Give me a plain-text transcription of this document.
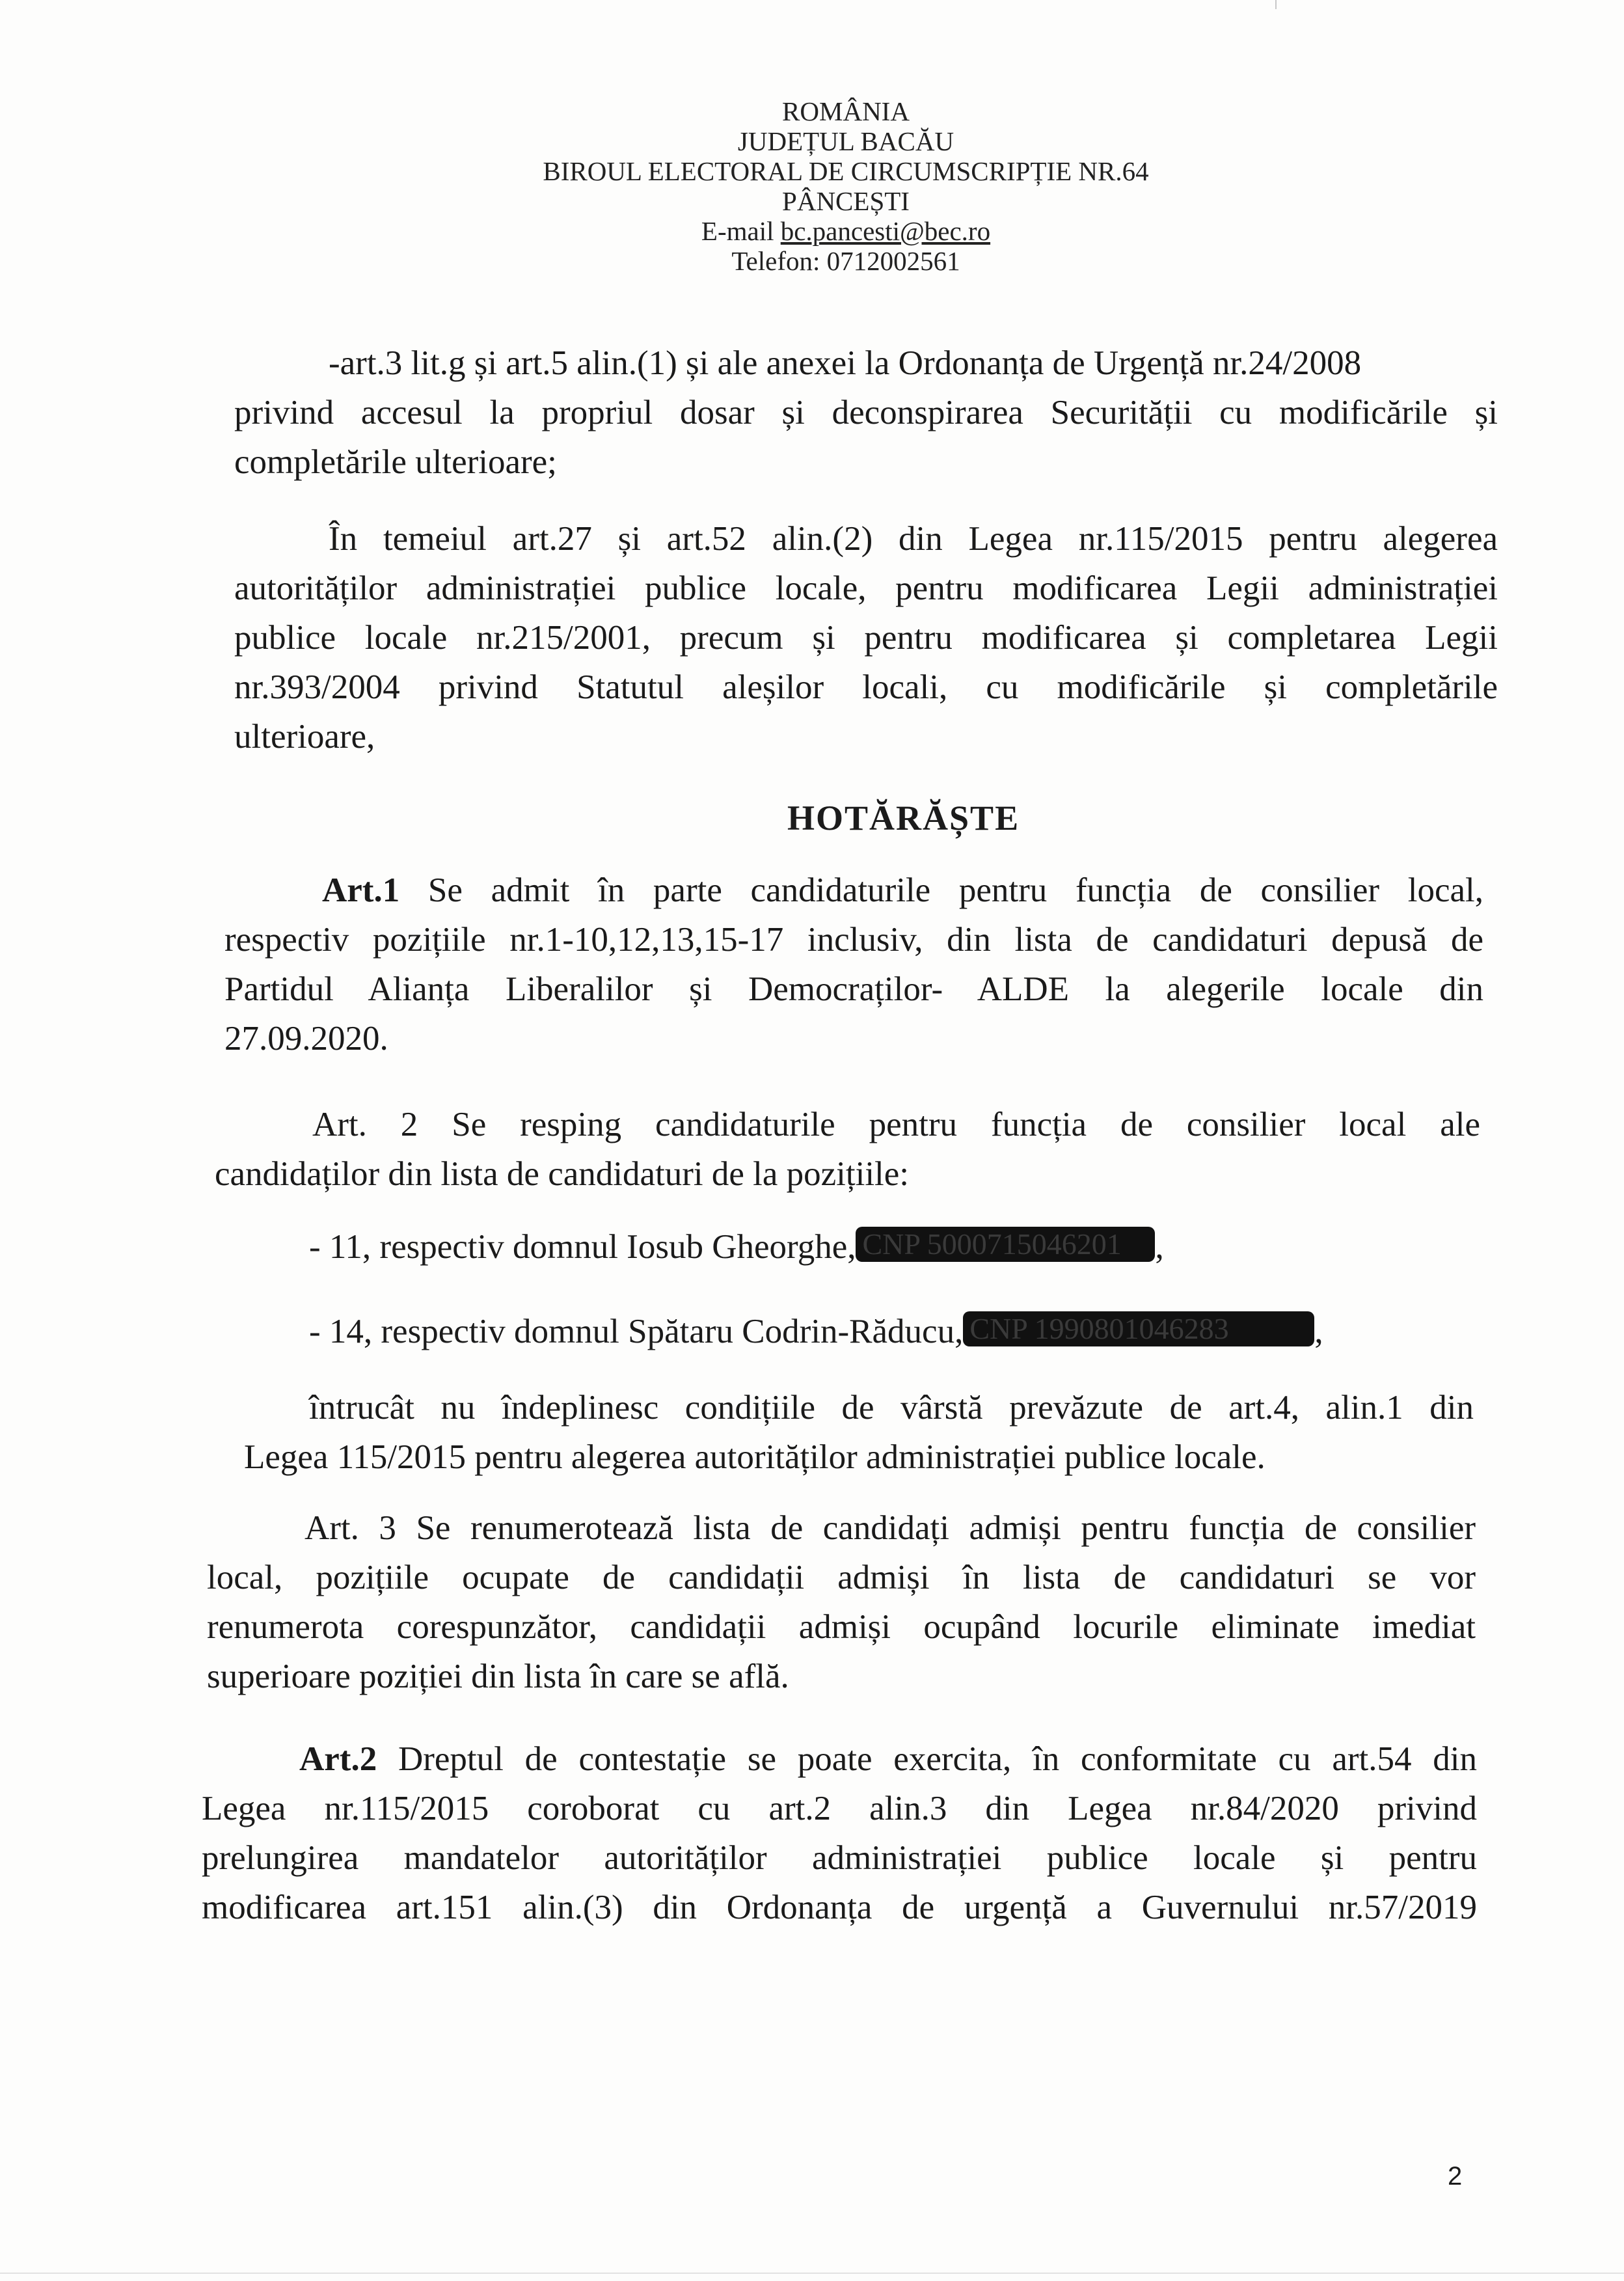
ROMÂNIA
JUDEȚUL BACĂU
BIROUL ELECTORAL DE CIRCUMSCRIPȚIE NR.64
PÂNCEȘTI
E-mail bc.pancesti@bec.ro
Telefon: 0712002561
-art.3 lit.g și art.5 alin.(1) și ale anexei la Ordonanța de Urgență nr.24/2008
privind accesul la propriul dosar și deconspirarea Securității cu modificările și
completările ulterioare;
În temeiul art.27 și art.52 alin.(2) din Legea nr.115/2015 pentru alegerea
autorităților administrației publice locale, pentru modificarea Legii administrației
publice locale nr.215/2001, precum și pentru modificarea și completarea Legii
nr.393/2004 privind Statutul aleșilor locali, cu modificările și completările
ulterioare,
HOTĂRĂȘTE
Art.1 Se admit în parte candidaturile pentru funcția de consilier local,
respectiv pozițiile nr.1-10,12,13,15-17 inclusiv, din lista de candidaturi depusă de
Partidul Alianța Liberalilor și Democraților- ALDE la alegerile locale din
27.09.2020.
Art. 2 Se resping candidaturile pentru funcția de consilier local ale
candidaților din lista de candidaturi de la pozițiile:
- 11, respectiv domnul Iosub Gheorghe, CNP 5000715046201 ,
- 14, respectiv domnul Spătaru Codrin-Răducu, CNP 1990801046283 ,
întrucât nu îndeplinesc condițiile de vârstă prevăzute de art.4, alin.1 din
Legea 115/2015 pentru alegerea autorităților administrației publice locale.
Art. 3 Se renumerotează lista de candidați admiși pentru funcția de consilier
local, pozițiile ocupate de candidații admiși în lista de candidaturi se vor
renumerota corespunzător, candidații admiși ocupând locurile eliminate imediat
superioare poziției din lista în care se află.
Art.2 Dreptul de contestație se poate exercita, în conformitate cu art.54 din
Legea nr.115/2015 coroborat cu art.2 alin.3 din Legea nr.84/2020 privind
prelungirea mandatelor autorităților administrației publice locale și pentru
modificarea art.151 alin.(3) din Ordonanța de urgență a Guvernului nr.57/2019
2
